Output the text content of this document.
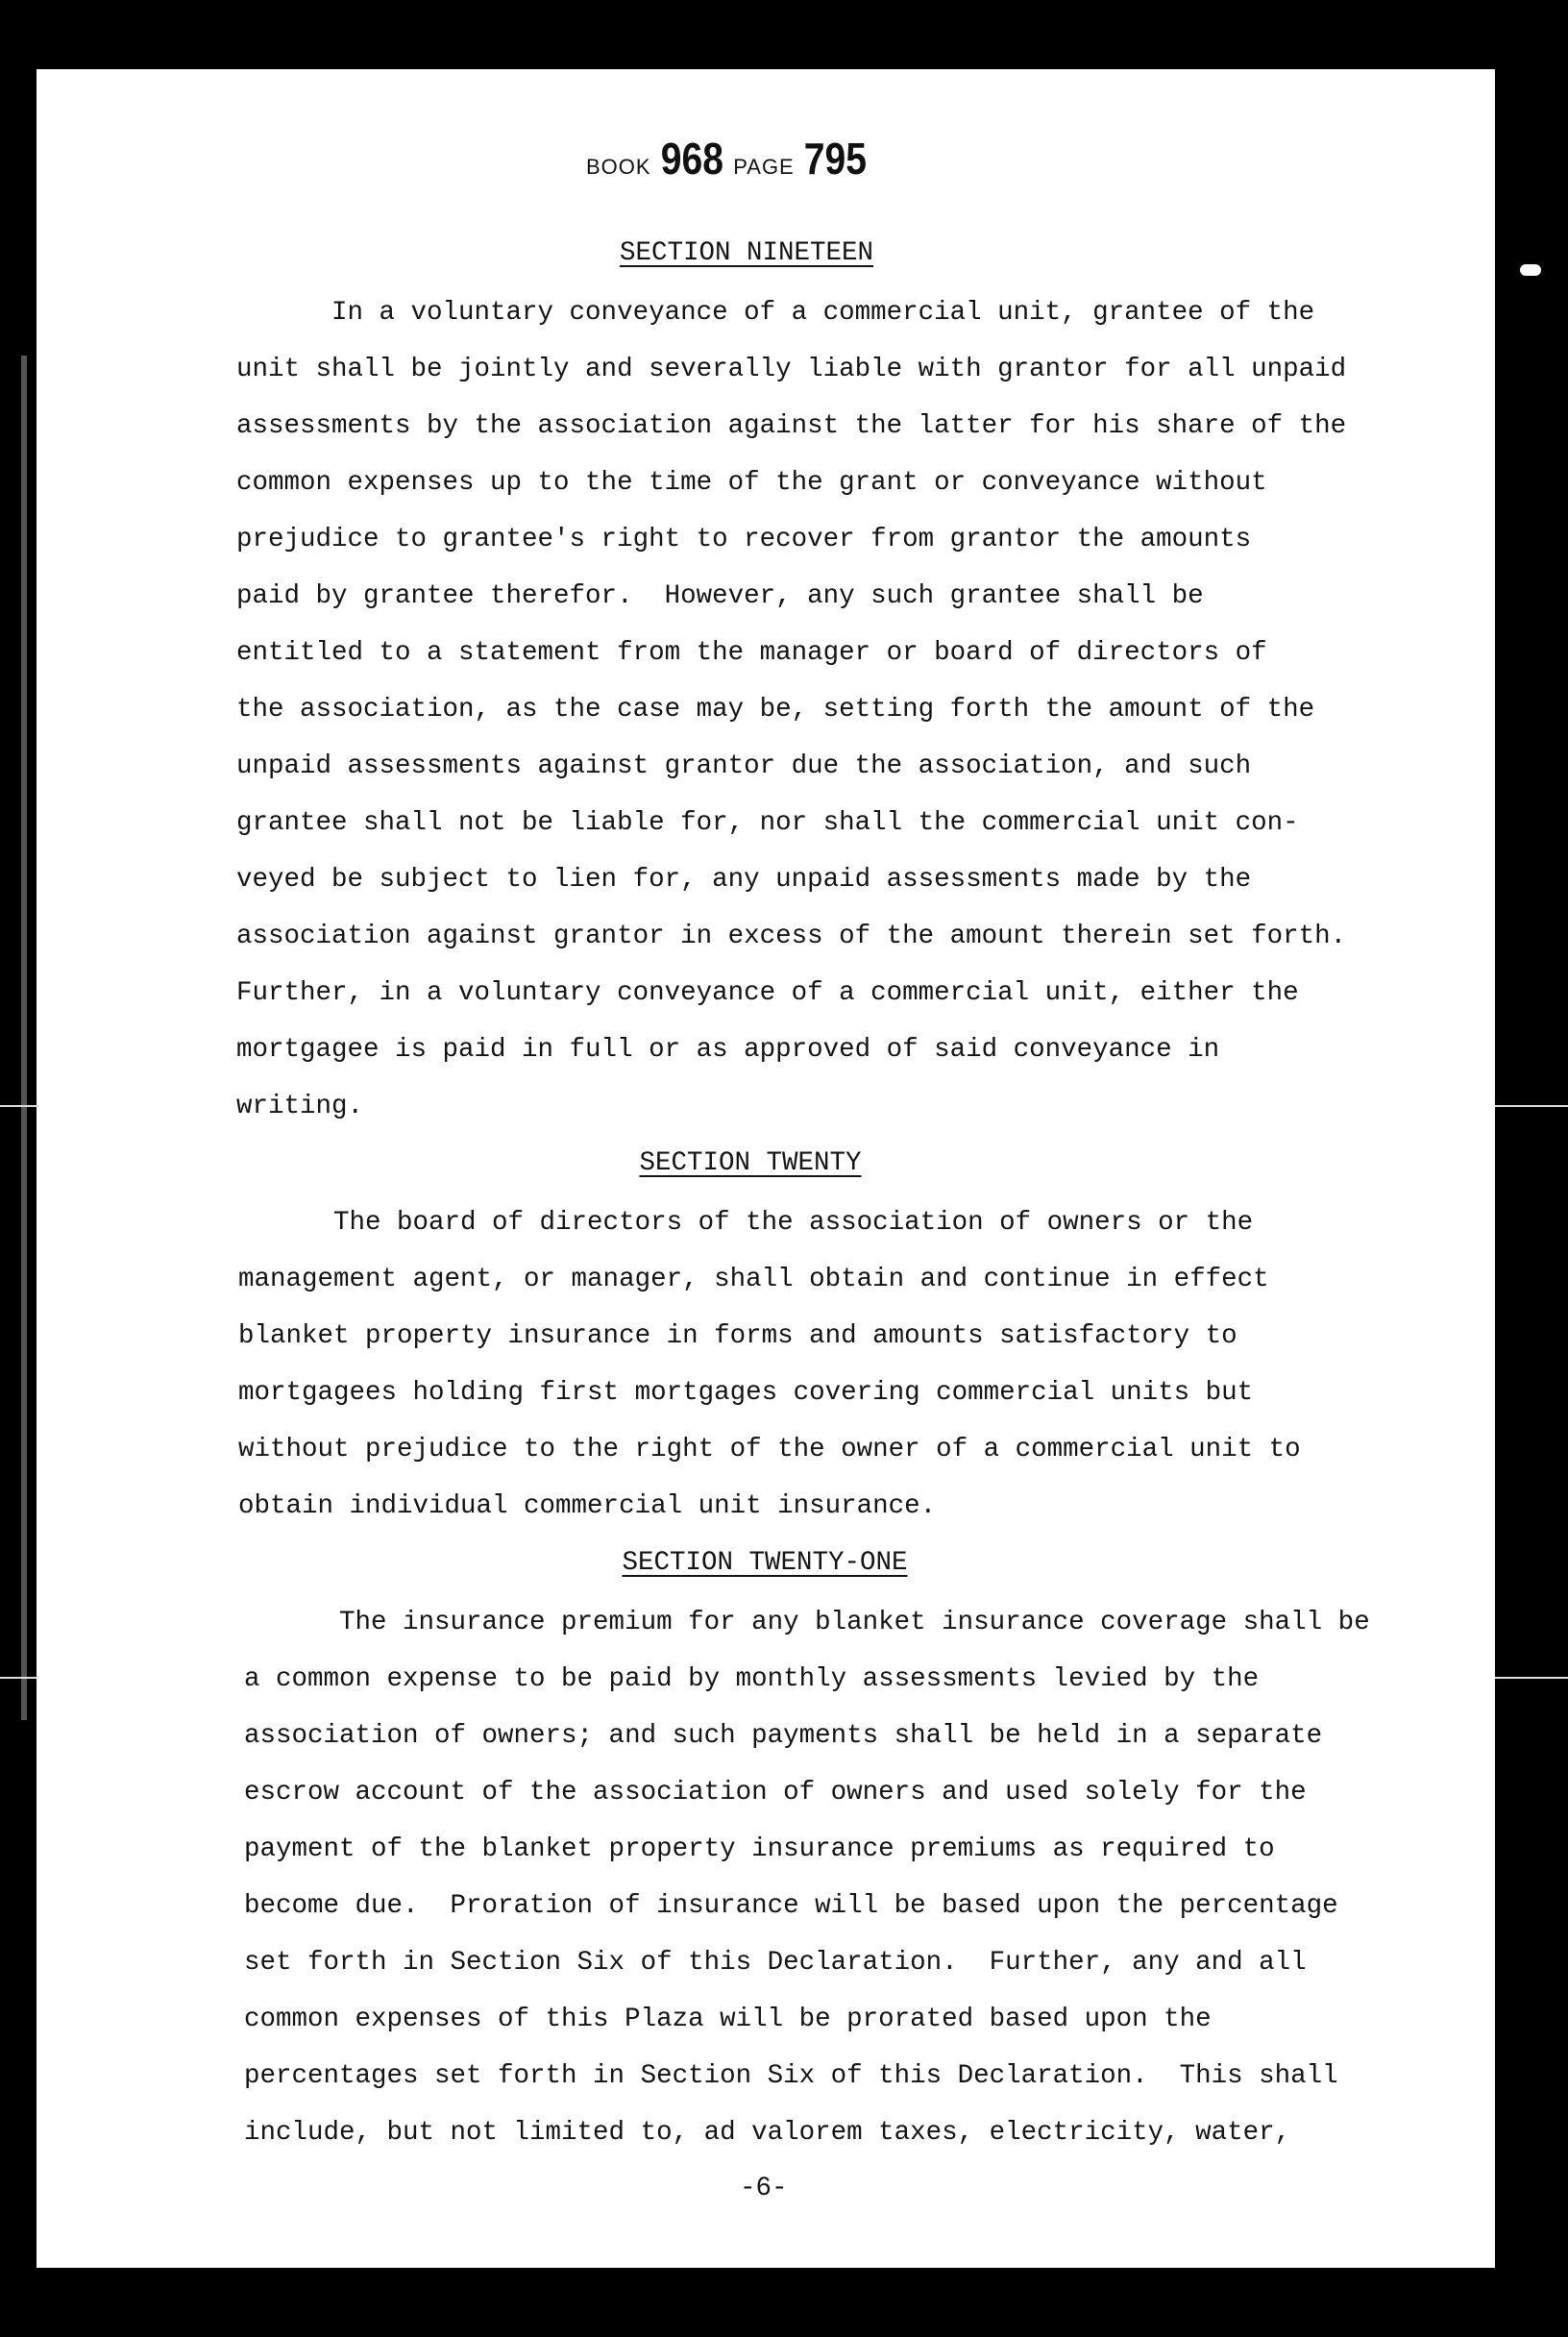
BOOK 968 PAGE 795
SECTION NINETEEN
In a voluntary conveyance of a commercial unit, grantee of the
unit shall be jointly and severally liable with grantor for all unpaid
assessments by the association against the latter for his share of the
common expenses up to the time of the grant or conveyance without
prejudice to grantee's right to recover from grantor the amounts
paid by grantee therefor.  However, any such grantee shall be
entitled to a statement from the manager or board of directors of
the association, as the case may be, setting forth the amount of the
unpaid assessments against grantor due the association, and such
grantee shall not be liable for, nor shall the commercial unit con-
veyed be subject to lien for, any unpaid assessments made by the
association against grantor in excess of the amount therein set forth.
Further, in a voluntary conveyance of a commercial unit, either the
mortgagee is paid in full or as approved of said conveyance in
writing.
SECTION TWENTY
The board of directors of the association of owners or the
management agent, or manager, shall obtain and continue in effect
blanket property insurance in forms and amounts satisfactory to
mortgagees holding first mortgages covering commercial units but
without prejudice to the right of the owner of a commercial unit to
obtain individual commercial unit insurance.
SECTION TWENTY-ONE
The insurance premium for any blanket insurance coverage shall be
a common expense to be paid by monthly assessments levied by the
association of owners; and such payments shall be held in a separate
escrow account of the association of owners and used solely for the
payment of the blanket property insurance premiums as required to
become due.  Proration of insurance will be based upon the percentage
set forth in Section Six of this Declaration.  Further, any and all
common expenses of this Plaza will be prorated based upon the
percentages set forth in Section Six of this Declaration.  This shall
include, but not limited to, ad valorem taxes, electricity, water,
-6-
